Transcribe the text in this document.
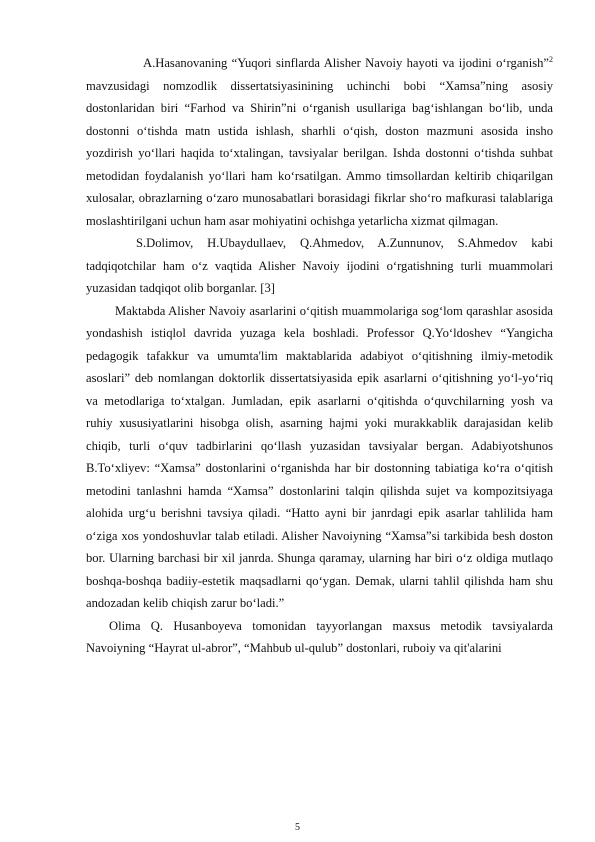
A.Hasanovaning “Yuqori sinflarda Alisher Navoiy hayoti va ijodini o‘rganish”$^2$ mavzusidagi nomzodlik dissertatsiyasinining uchinchi bobi “Xamsa”ning asosiy dostonlaridan biri “Farhod va Shirin”ni o‘rganish usullariga bag‘ishlangan bo‘lib, unda dostonni o‘tishda matn ustida ishlash, sharhli o‘qish, doston mazmuni asosida insho yozdirish yo‘llari haqida to‘xtalingan, tavsiyalar berilgan. Ishda dostonni o‘tishda suhbat metodidan foydalanish yo‘llari ham ko‘rsatilgan. Ammo timsollardan keltirib chiqarilgan xulosalar, obrazlarning o‘zaro munosabatlari borasidagi fikrlar sho‘ro mafkurasi talablariga moslashtirilgani uchun ham asar mohiyatini ochishga yetarlicha xizmat qilmagan.

S.Dolimov, H.Ubaydullaev, Q.Ahmedov, A.Zunnunov, S.Ahmedov kabi tadqiqotchilar ham o‘z vaqtida Alisher Navoiy ijodini o‘rgatishning turli muammolari yuzasidan tadqiqot olib borganlar. [3]

Maktabda Alisher Navoiy asarlarini o‘qitish muammolariga sog‘lom qarashlar asosida yondashish istiqlol davrida yuzaga kela boshladi. Professor Q.Yo‘ldoshev “Yangicha pedagogik tafakkur va umumta'lim maktablarida adabiyot o‘qitishning ilmiy-metodik asoslari” deb nomlangan doktorlik dissertatsiyasida epik asarlarni o‘qitishning yo‘l-yo‘riq va metodlariga to‘xtalgan. Jumladan, epik asarlarni o‘qitishda o‘quvchilarning yosh va ruhiy xususiyatlarini hisobga olish, asarning hajmi yoki murakkablik darajasidan kelib chiqib, turli o‘quv tadbirlarini qo‘llash yuzasidan tavsiyalar bergan. Adabiyotshunos B.To‘xliyev: “Xamsa” dostonlarini o‘rganishda har bir dostonning tabiatiga ko‘ra o‘qitish metodini tanlashni hamda “Xamsa” dostonlarini talqin qilishda sujet va kompozitsiyaga alohida urg‘u berishni tavsiya qiladi. “Hatto ayni bir janrdagi epik asarlar tahlilida ham o‘ziga xos yondoshuvlar talab etiladi. Alisher Navoiyning “Xamsa”si tarkibida besh doston bor. Ularning barchasi bir xil janrda. Shunga qaramay, ularning har biri o‘z oldiga mutlaqo boshqa-boshqa badiiy-estetik maqsadlarni qo‘ygan. Demak, ularni tahlil qilishda ham shu andozadan kelib chiqish zarur bo‘ladi.”

Olima Q. Husanboyeva tomonidan tayyorlangan maxsus metodik tavsiyalarda Navoiyning “Hayrat ul-abror”, “Mahbub ul-qulub” dostonlari, ruboiy va qit'alarini

5
